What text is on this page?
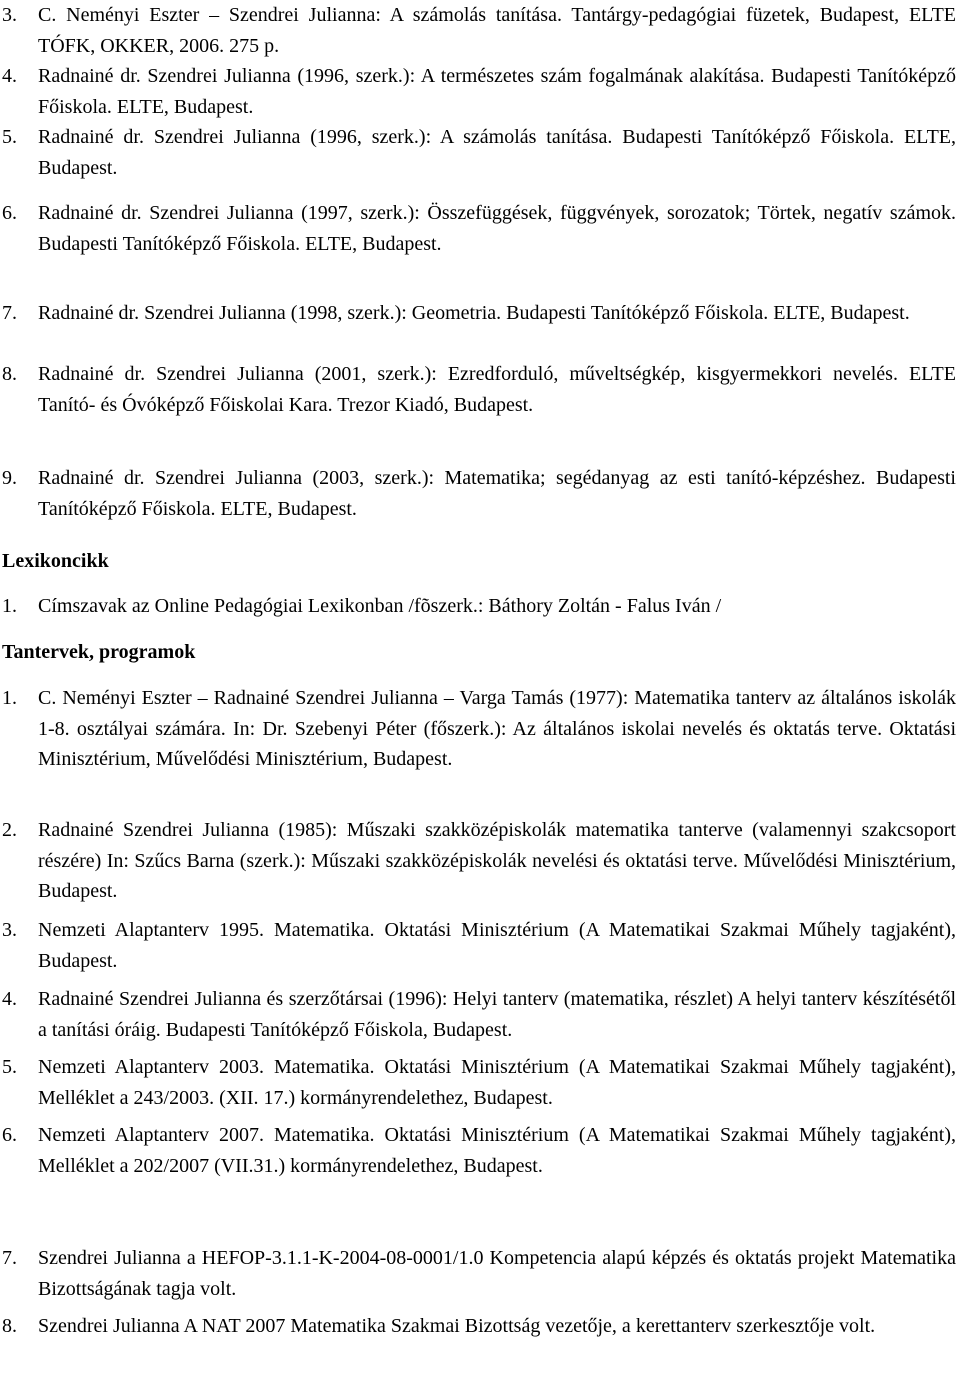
3. C. Neményi Eszter – Szendrei Julianna: A számolás tanítása. Tantárgy-pedagógiai füzetek, Budapest, ELTE TÓFK, OKKER, 2006. 275 p.
4. Radnainé dr. Szendrei Julianna (1996, szerk.): A természetes szám fogalmának alakítása. Budapesti Tanítóképző Főiskola. ELTE, Budapest.
5. Radnainé dr. Szendrei Julianna (1996, szerk.): A számolás tanítása. Budapesti Tanítóképző Főiskola. ELTE, Budapest.
6. Radnainé dr. Szendrei Julianna (1997, szerk.): Összefüggések, függvények, sorozatok; Törtek, negatív számok. Budapesti Tanítóképző Főiskola. ELTE, Budapest.
7. Radnainé dr. Szendrei Julianna (1998, szerk.): Geometria. Budapesti Tanítóképző Főiskola. ELTE, Budapest.
8. Radnainé dr. Szendrei Julianna (2001, szerk.): Ezredforduló, műveltségkép, kisgyermekkori nevelés. ELTE Tanító- és Óvóképző Főiskolai Kara. Trezor Kiadó, Budapest.
9. Radnainé dr. Szendrei Julianna (2003, szerk.): Matematika; segédanyag az esti tanító-képzéshez. Budapesti Tanítóképző Főiskola. ELTE, Budapest.
Lexikoncikk
1. Címszavak az Online Pedagógiai Lexikonban /fõszerk.: Báthory Zoltán - Falus Iván /
Tantervek, programok
1. C. Neményi Eszter – Radnainé Szendrei Julianna – Varga Tamás (1977): Matematika tanterv az általános iskolák 1-8. osztályai számára. In: Dr. Szebenyi Péter (főszerk.): Az általános iskolai nevelés és oktatás terve. Oktatási Minisztérium, Művelődési Minisztérium, Budapest.
2. Radnainé Szendrei Julianna (1985): Műszaki szakközépiskolák matematika tanterve (valamennyi szakcsoport részére) In: Szűcs Barna (szerk.): Műszaki szakközépiskolák nevelési és oktatási terve. Művelődési Minisztérium, Budapest.
3. Nemzeti Alaptanterv 1995. Matematika. Oktatási Minisztérium (A Matematikai Szakmai Műhely tagjaként), Budapest.
4. Radnainé Szendrei Julianna és szerzőtársai (1996): Helyi tanterv (matematika, részlet) A helyi tanterv készítésétől a tanítási óráig. Budapesti Tanítóképző Főiskola, Budapest.
5. Nemzeti Alaptanterv 2003. Matematika. Oktatási Minisztérium (A Matematikai Szakmai Műhely tagjaként), Melléklet a 243/2003. (XII. 17.) kormányrendelethez, Budapest.
6. Nemzeti Alaptanterv 2007. Matematika. Oktatási Minisztérium (A Matematikai Szakmai Műhely tagjaként), Melléklet a 202/2007 (VII.31.) kormányrendelethez, Budapest.
7. Szendrei Julianna a HEFOP-3.1.1-K-2004-08-0001/1.0 Kompetencia alapú képzés és oktatás projekt Matematika Bizottságának tagja volt.
8. Szendrei Julianna A NAT 2007 Matematika Szakmai Bizottság vezetője, a kerettanterv szerkesztője volt.
